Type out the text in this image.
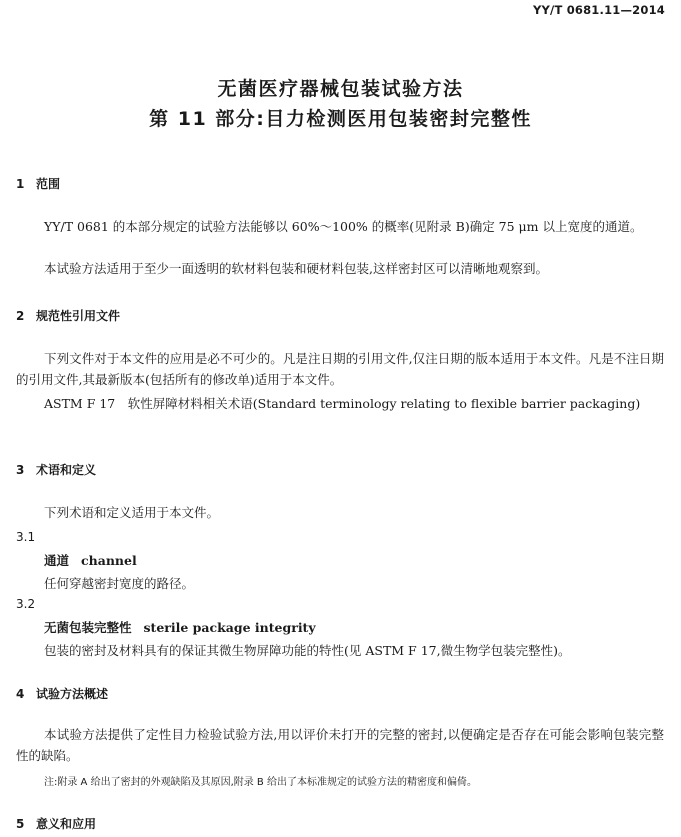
YY/T 0681.11—2014
无菌医疗器械包装试验方法
第 11 部分:目力检测医用包装密封完整性
1 范围

YY/T 0681 的本部分规定的试验方法能够以 60%～100% 的概率(见附录 B)确定 75 μm 以上宽度的通道。

本试验方法适用于至少一面透明的软材料包装和硬材料包装,这样密封区可以清晰地观察到。

2 规范性引用文件

下列文件对于本文件的应用是必不可少的。凡是注日期的引用文件,仅注日期的版本适用于本文件。凡是不注日期的引用文件,其最新版本(包括所有的修改单)适用于本文件。

ASTM F 17　软性屏障材料相关术语(Standard terminology relating to flexible barrier packaging)

3 术语和定义

下列术语和定义适用于本文件。

3.1
通道 channel
任何穿越密封宽度的路径。
3.2
无菌包装完整性 sterile package integrity
包装的密封及材料具有的保证其微生物屏障功能的特性(见 ASTM F 17,微生物学包装完整性)。
4 试验方法概述

本试验方法提供了定性目力检验试验方法,用以评价未打开的完整的密封,以便确定是否存在可能会影响包装完整性的缺陷。

注:附录 A 给出了密封的外观缺陷及其原因,附录 B 给出了本标准规定的试验方法的精密度和偏倚。
5 意义和应用
